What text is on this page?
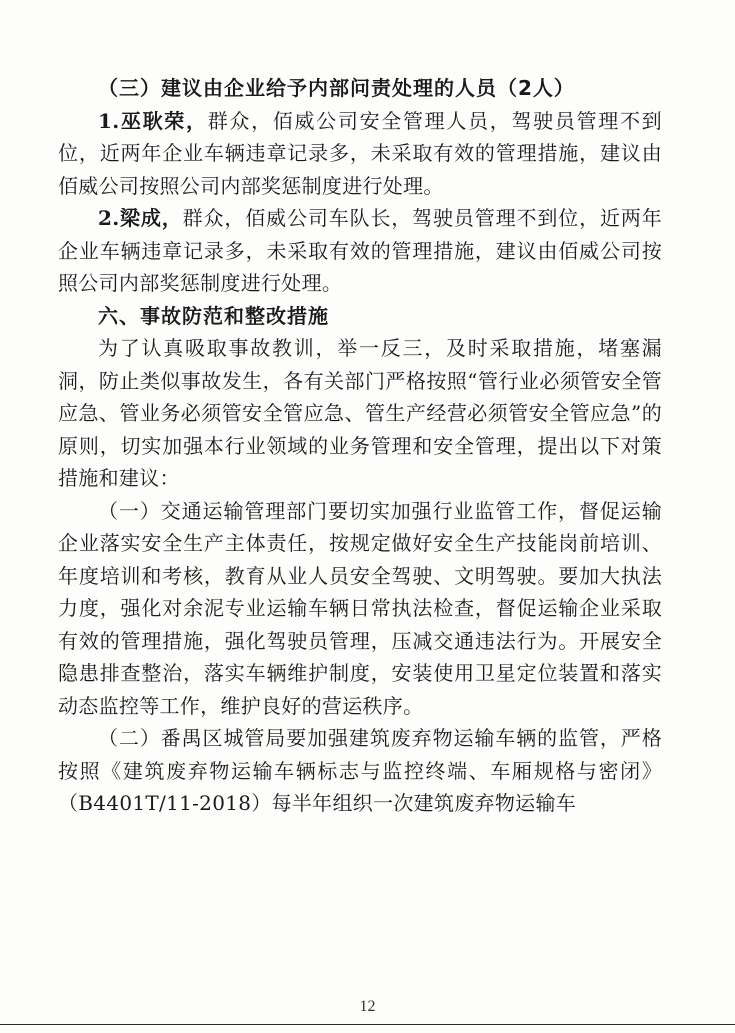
（三）建议由企业给予内部问责处理的人员（2人）

1.巫耿荣，群众，佰威公司安全管理人员，驾驶员管理不到位，近两年企业车辆违章记录多，未采取有效的管理措施，建议由佰威公司按照公司内部奖惩制度进行处理。

2.梁成，群众，佰威公司车队长，驾驶员管理不到位，近两年企业车辆违章记录多，未采取有效的管理措施，建议由佰威公司按照公司内部奖惩制度进行处理。

六、事故防范和整改措施

为了认真吸取事故教训，举一反三，及时采取措施，堵塞漏洞，防止类似事故发生，各有关部门严格按照“管行业必须管安全管应急、管业务必须管安全管应急、管生产经营必须管安全管应急”的原则，切实加强本行业领域的业务管理和安全管理，提出以下对策措施和建议：

（一）交通运输管理部门要切实加强行业监管工作，督促运输企业落实安全生产主体责任，按规定做好安全生产技能岗前培训、年度培训和考核，教育从业人员安全驾驶、文明驾驶。要加大执法力度，强化对余泥专业运输车辆日常执法检查，督促运输企业采取有效的管理措施，强化驾驶员管理，压减交通违法行为。开展安全隐患排查整治，落实车辆维护制度，安装使用卫星定位装置和落实动态监控等工作，维护良好的营运秩序。

（二）番禺区城管局要加强建筑废弃物运输车辆的监管，严格按照《建筑废弃物运输车辆标志与监控终端、车厢规格与密闭》（B4401T/11-2018）每半年组织一次建筑废弃物运输车

12
